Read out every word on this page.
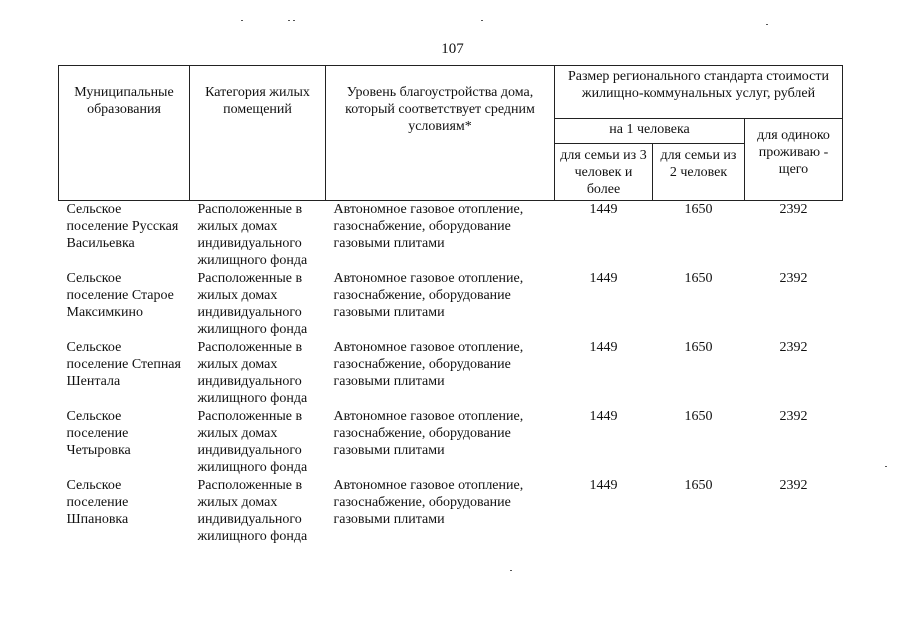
107
Муниципальные образования	Категория жилых помещений	Уровень благоустройства дома, который соответствует средним условиям*	Размер регионального стандарта стоимости жилищно-коммунальных услуг, рублей		
			на 1 человека		для одиноко проживаю - щего
			для семьи из 3 человек и более	для семьи из 2 человек	
Сельское поселение Русская Васильевка	Расположенные в жилых домах индивидуального жилищного фонда	Автономное газовое отопление, газоснабжение, оборудование газовыми плитами	1449	1650	2392
Сельское поселение Старое Максимкино	Расположенные в жилых домах индивидуального жилищного фонда	Автономное газовое отопление, газоснабжение, оборудование газовыми плитами	1449	1650	2392
Сельское поселение Степная Шентала	Расположенные в жилых домах индивидуального жилищного фонда	Автономное газовое отопление, газоснабжение, оборудование газовыми плитами	1449	1650	2392
Сельское поселение Четыровка	Расположенные в жилых домах индивидуального жилищного фонда	Автономное газовое отопление, газоснабжение, оборудование газовыми плитами	1449	1650	2392
Сельское поселение Шпановка	Расположенные в жилых домах индивидуального жилищного фонда	Автономное газовое отопление, газоснабжение, оборудование газовыми плитами	1449	1650	2392
